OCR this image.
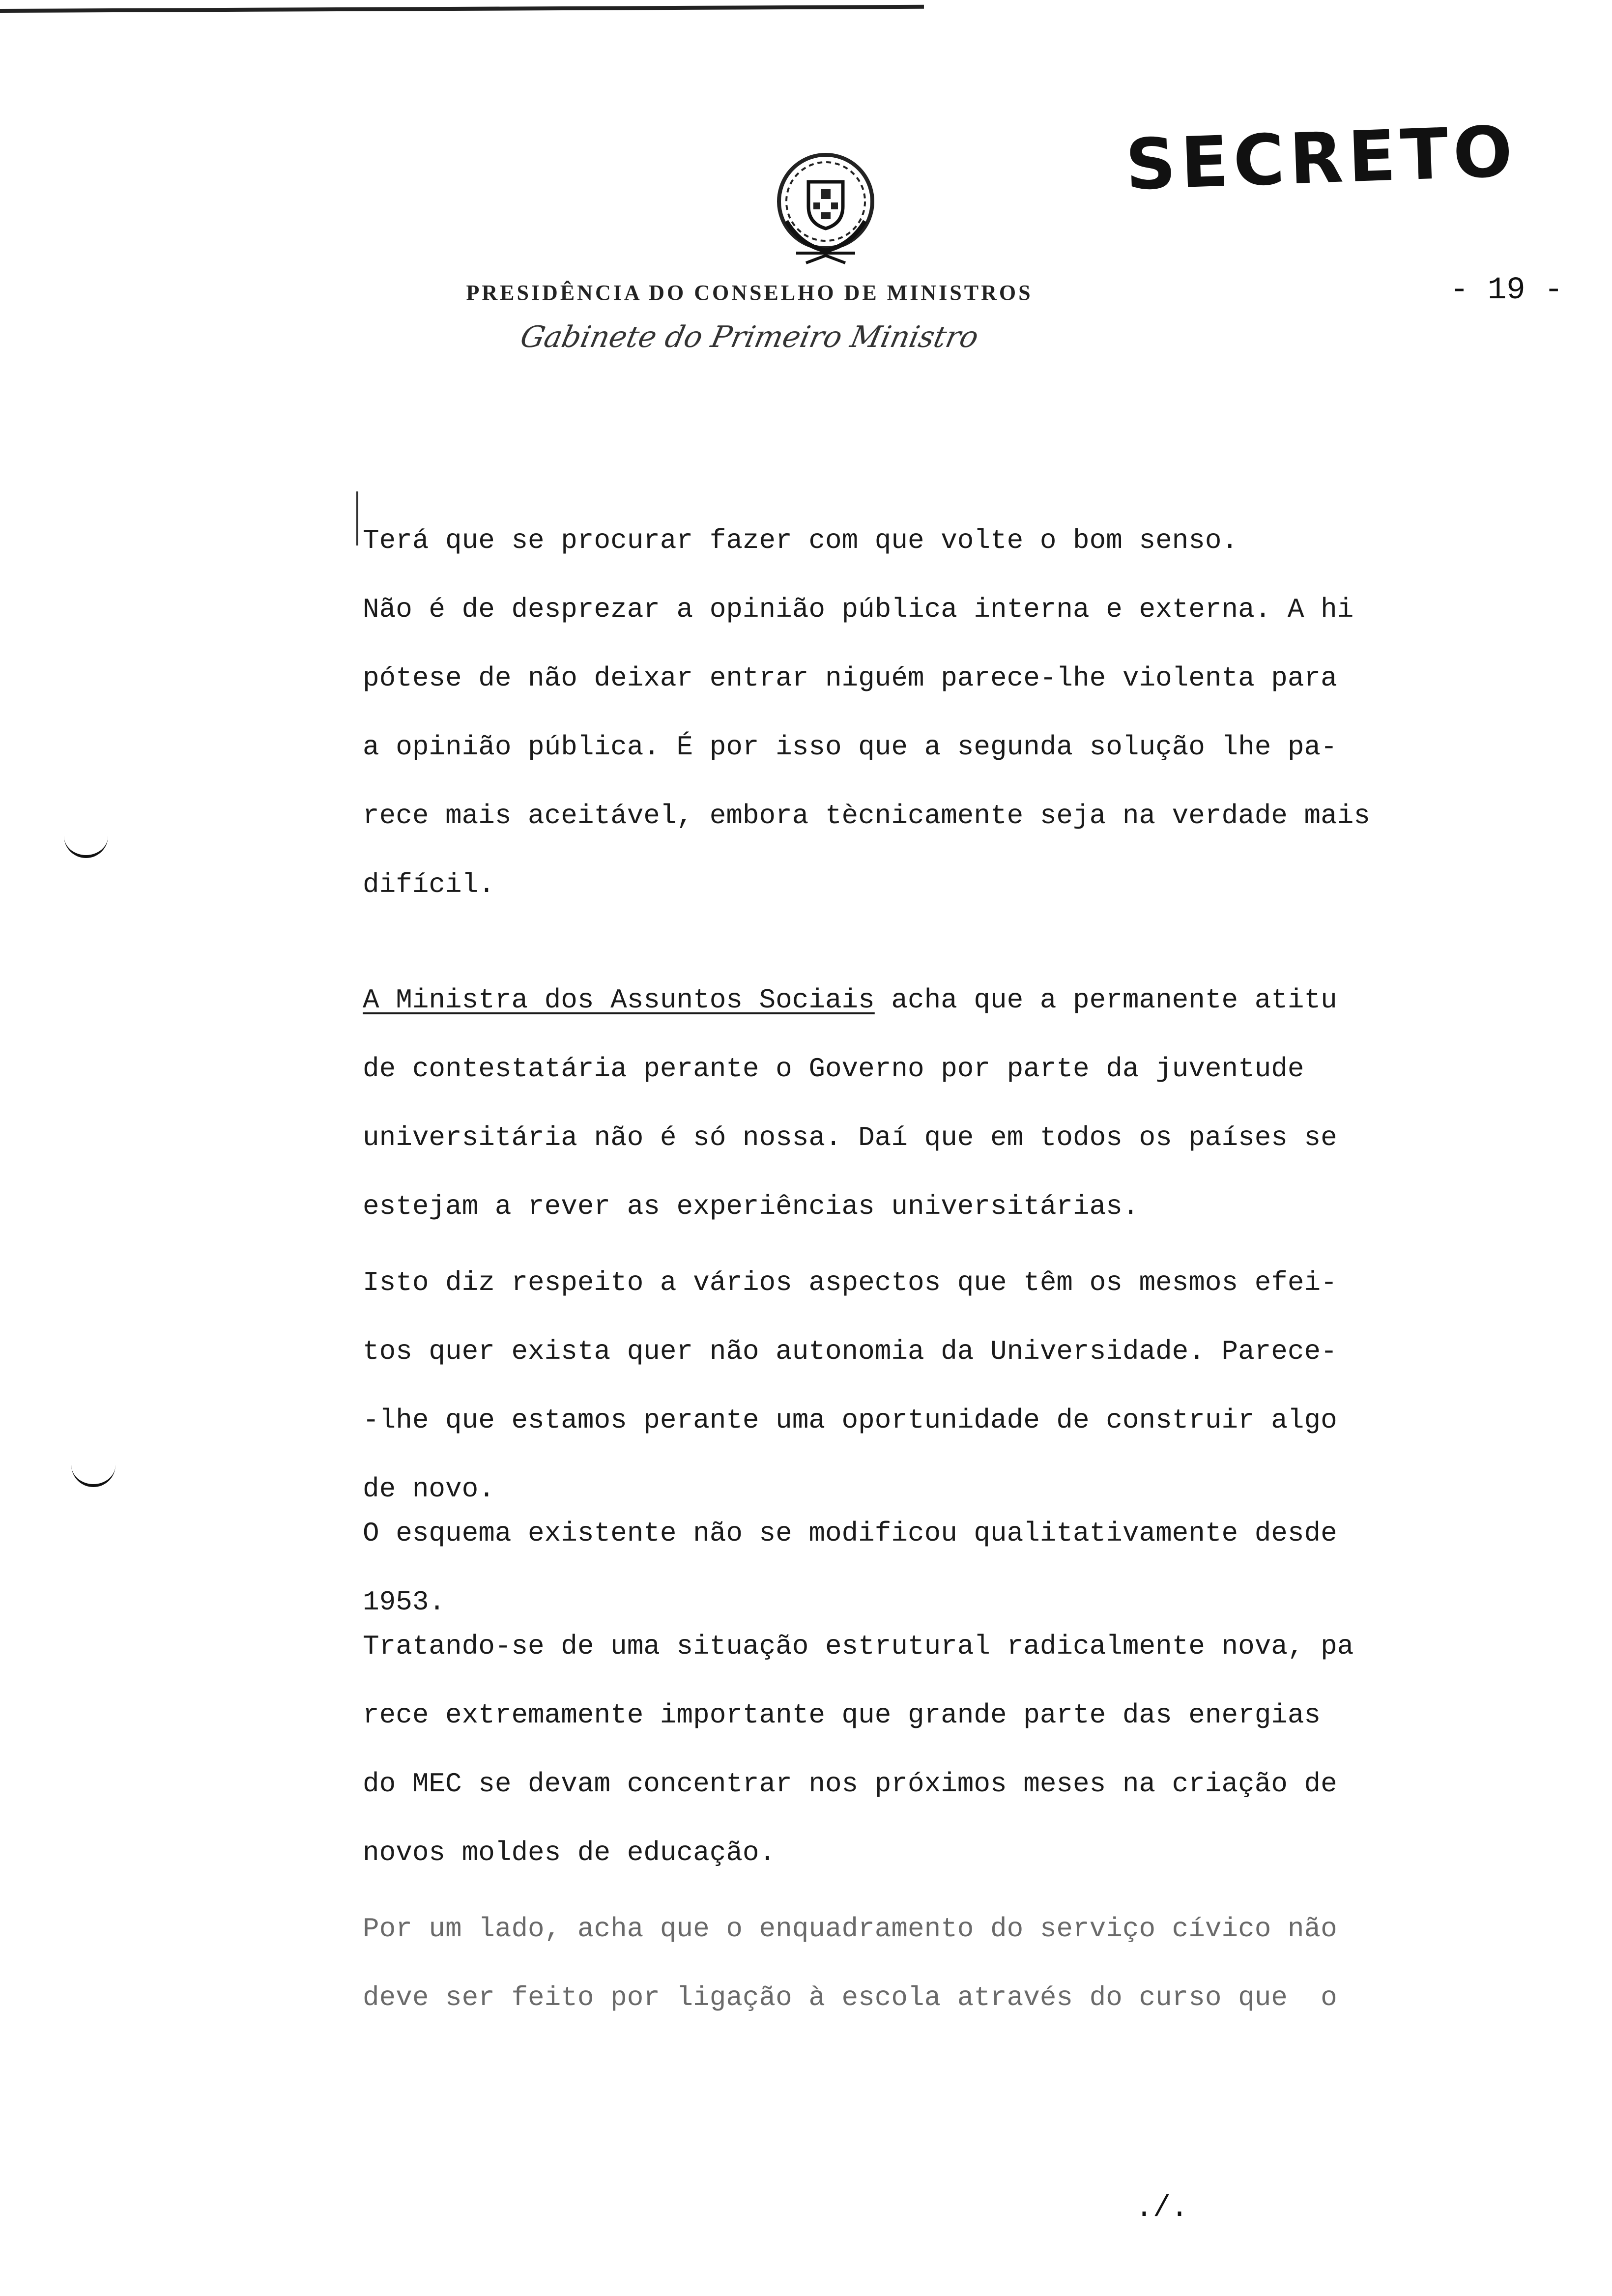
SECRETO
PRESIDÊNCIA DO CONSELHO DE MINISTROS
Gabinete do Primeiro Ministro
- 19 -
Terá que se procurar fazer com que volte o bom senso.
Não é de desprezar a opinião pública interna e externa. A hi
pótese de não deixar entrar niguém parece-lhe violenta para
a opinião pública. É por isso que a segunda solução lhe pa-
rece mais aceitável, embora tècnicamente seja na verdade mais
difícil.
A Ministra dos Assuntos Sociais acha que a permanente atitu
de contestatária perante o Governo por parte da juventude
universitária não é só nossa. Daí que em todos os países se
estejam a rever as experiências universitárias.
Isto diz respeito a vários aspectos que têm os mesmos efei-
tos quer exista quer não autonomia da Universidade. Parece-
-lhe que estamos perante uma oportunidade de construir algo
de novo.
O esquema existente não se modificou qualitativamente desde
1953.
Tratando-se de uma situação estrutural radicalmente nova, pa
rece extremamente importante que grande parte das energias
do MEC se devam concentrar nos próximos meses na criação de
novos moldes de educação.
Por um lado, acha que o enquadramento do serviço cívico não
deve ser feito por ligação à escola através do curso que  o
./.
